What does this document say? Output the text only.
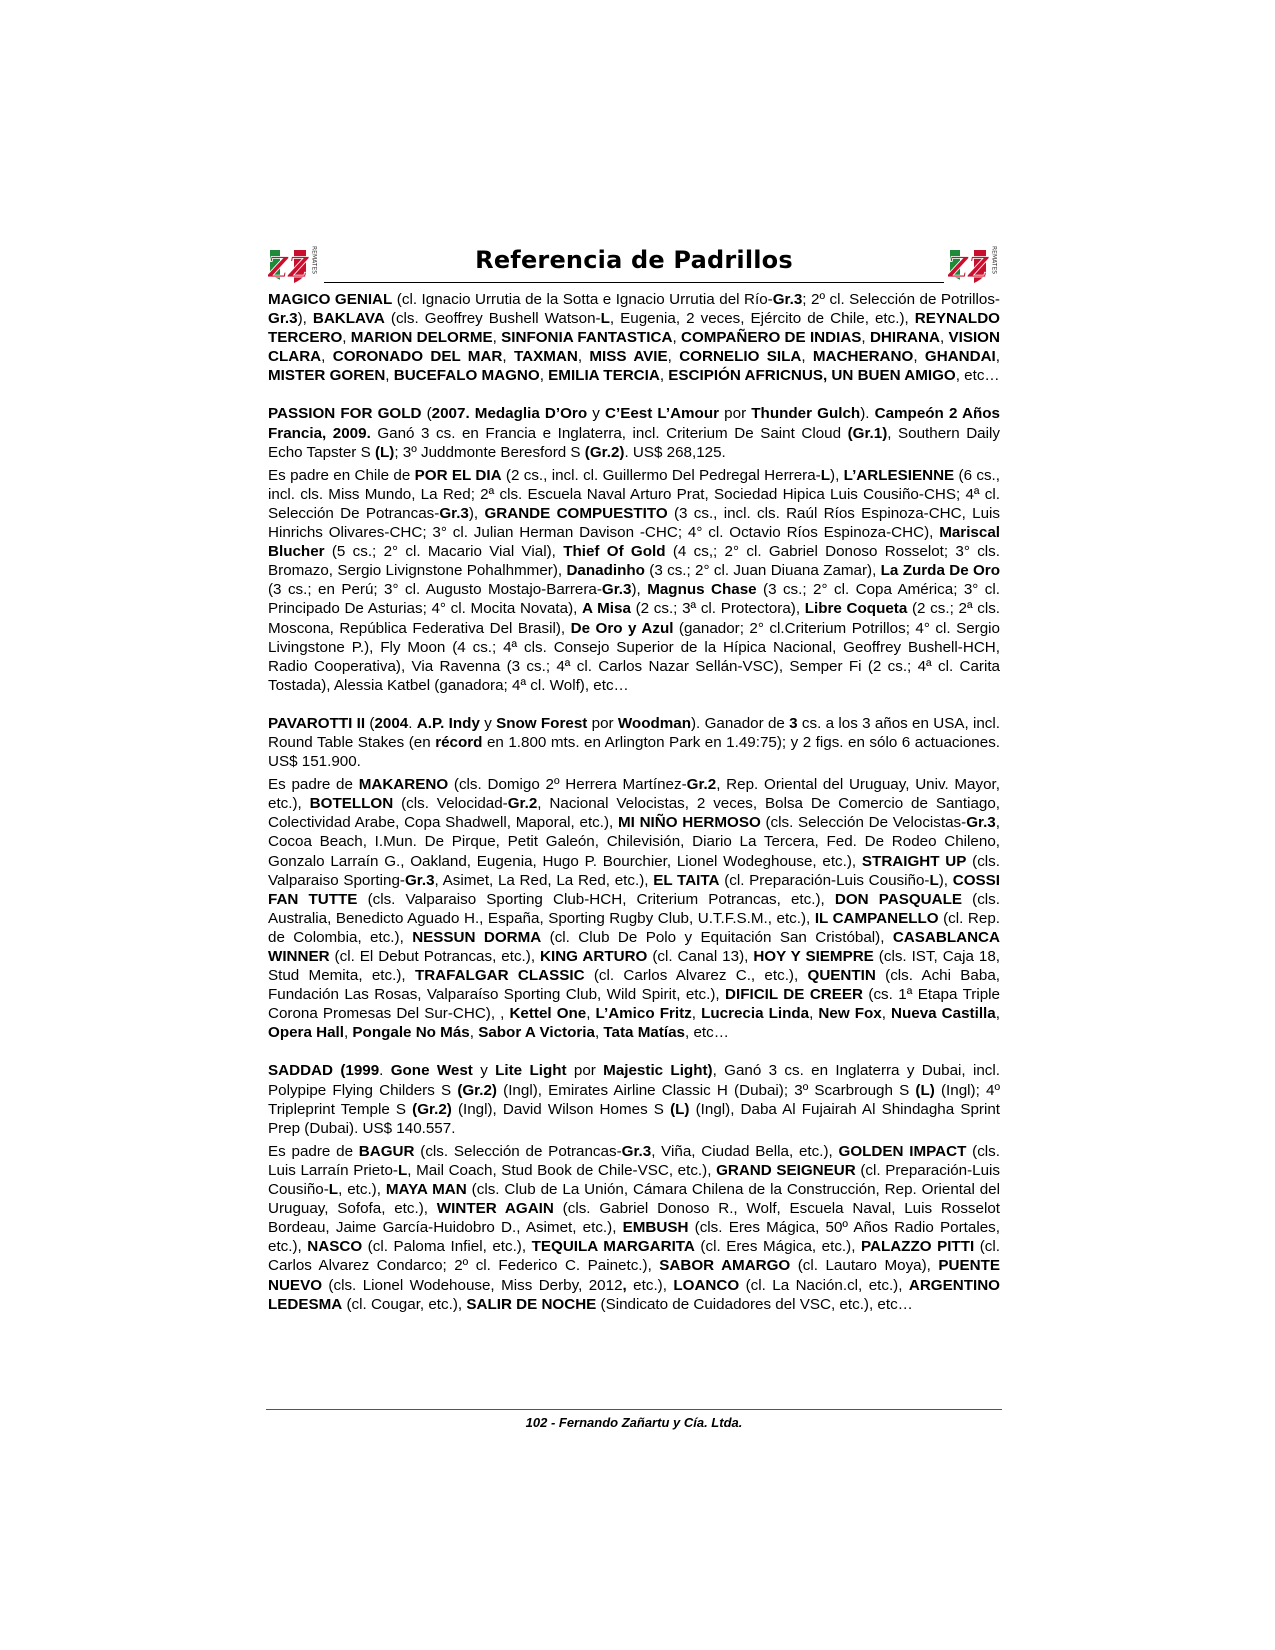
ZZ REMATES	Referencia de Padrillos	ZZ REMATES

MAGICO GENIAL (cl. Ignacio Urrutia de la Sotta e Ignacio Urrutia del Río-Gr.3; 2º cl. Selección de Potrillos-Gr.3), BAKLAVA (cls. Geoffrey Bushell Watson-L, Eugenia, 2 veces, Ejército de Chile, etc.), REYNALDO TERCERO, MARION DELORME, SINFONIA FANTASTICA, COMPAÑERO DE INDIAS, DHIRANA, VISION CLARA, CORONADO DEL MAR, TAXMAN, MISS AVIE, CORNELIO SILA, MACHERANO, GHANDAI, MISTER GOREN, BUCEFALO MAGNO, EMILIA TERCIA, ESCIPIÓN AFRICNUS, UN BUEN AMIGO, etc…

PASSION FOR GOLD (2007. Medaglia D’Oro y C’Eest L’Amour por Thunder Gulch). Campeón 2 Años Francia, 2009. Ganó 3 cs. en Francia e Inglaterra, incl. Criterium De Saint Cloud (Gr.1), Southern Daily Echo Tapster S (L); 3º Juddmonte Beresford S (Gr.2). US$ 268,125.

Es padre en Chile de POR EL DIA (2 cs., incl. cl. Guillermo Del Pedregal Herrera-L), L’ARLESIENNE (6 cs., incl. cls. Miss Mundo, La Red; 2ª cls. Escuela Naval Arturo Prat, Sociedad Hipica Luis Cousiño-CHS; 4ª cl. Selección De Potrancas-Gr.3), GRANDE COMPUESTITO (3 cs., incl. cls. Raúl Ríos Espinoza-CHC, Luis Hinrichs Olivares-CHC; 3° cl. Julian Herman Davison -CHC; 4° cl. Octavio Ríos Espinoza-CHC), Mariscal Blucher (5 cs.; 2° cl. Macario Vial Vial), Thief Of Gold (4 cs,; 2° cl. Gabriel Donoso Rosselot; 3° cls. Bromazo, Sergio Livignstone Pohalhmmer), Danadinho (3 cs.; 2° cl. Juan Diuana Zamar), La Zurda De Oro (3 cs.; en Perú; 3° cl. Augusto Mostajo-Barrera-Gr.3), Magnus Chase (3 cs.; 2° cl. Copa América; 3° cl. Principado De Asturias; 4° cl. Mocita Novata), A Misa (2 cs.; 3ª cl. Protectora), Libre Coqueta (2 cs.; 2ª cls. Moscona, República Federativa Del Brasil), De Oro y Azul (ganador; 2° cl.Criterium Potrillos; 4° cl. Sergio Livingstone P.), Fly Moon (4 cs.; 4ª cls. Consejo Superior de la Hípica Nacional, Geoffrey Bushell-HCH, Radio Cooperativa), Via Ravenna (3 cs.; 4ª cl. Carlos Nazar Sellán-VSC), Semper Fi (2 cs.; 4ª cl. Carita Tostada), Alessia Katbel (ganadora; 4ª cl. Wolf), etc…

PAVAROTTI II (2004. A.P. Indy y Snow Forest por Woodman). Ganador de 3 cs. a los 3 años en USA, incl. Round Table Stakes (en récord en 1.800 mts. en Arlington Park en 1.49:75); y 2 figs. en sólo 6 actuaciones. US$ 151.900.

Es padre de MAKARENO (cls. Domigo 2º Herrera Martínez-Gr.2, Rep. Oriental del Uruguay, Univ. Mayor, etc.), BOTELLON (cls. Velocidad-Gr.2, Nacional Velocistas, 2 veces, Bolsa De Comercio de Santiago, Colectividad Arabe, Copa Shadwell, Maporal, etc.), MI NIÑO HERMOSO (cls. Selección De Velocistas-Gr.3, Cocoa Beach, I.Mun. De Pirque, Petit Galeón, Chilevisión, Diario La Tercera, Fed. De Rodeo Chileno, Gonzalo Larraín G., Oakland, Eugenia, Hugo P. Bourchier, Lionel Wodeghouse, etc.), STRAIGHT UP (cls. Valparaiso Sporting-Gr.3, Asimet, La Red, La Red, etc.), EL TAITA (cl. Preparación-Luis Cousiño-L), COSSI FAN TUTTE (cls. Valparaiso Sporting Club-HCH, Criterium Potrancas, etc.), DON PASQUALE (cls. Australia, Benedicto Aguado H., España, Sporting Rugby Club, U.T.F.S.M., etc.), IL CAMPANELLO (cl. Rep. de Colombia, etc.), NESSUN DORMA (cl. Club De Polo y Equitación San Cristóbal), CASABLANCA WINNER (cl. El Debut Potrancas, etc.), KING ARTURO (cl. Canal 13), HOY Y SIEMPRE (cls. IST, Caja 18, Stud Memita, etc.), TRAFALGAR CLASSIC (cl. Carlos Alvarez C., etc.), QUENTIN (cls. Achi Baba, Fundación Las Rosas, Valparaíso Sporting Club, Wild Spirit, etc.), DIFICIL DE CREER (cs. 1ª Etapa Triple Corona Promesas Del Sur-CHC), , Kettel One, L’Amico Fritz, Lucrecia Linda, New Fox, Nueva Castilla, Opera Hall, Pongale No Más, Sabor A Victoria, Tata Matías, etc…

SADDAD (1999. Gone West y Lite Light por Majestic Light), Ganó 3 cs. en Inglaterra y Dubai, incl. Polypipe Flying Childers S (Gr.2) (Ingl), Emirates Airline Classic H (Dubai); 3º Scarbrough S (L) (Ingl); 4º Tripleprint Temple S (Gr.2) (Ingl), David Wilson Homes S (L) (Ingl), Daba Al Fujairah Al Shindagha Sprint Prep (Dubai). US$ 140.557.

Es padre de BAGUR (cls. Selección de Potrancas-Gr.3, Viña, Ciudad Bella, etc.), GOLDEN IMPACT (cls. Luis Larraín Prieto-L, Mail Coach, Stud Book de Chile-VSC, etc.), GRAND SEIGNEUR (cl. Preparación-Luis Cousiño-L, etc.), MAYA MAN (cls. Club de La Unión, Cámara Chilena de la Construcción, Rep. Oriental del Uruguay, Sofofa, etc.), WINTER AGAIN (cls. Gabriel Donoso R., Wolf, Escuela Naval, Luis Rosselot Bordeau, Jaime García-Huidobro D., Asimet, etc.), EMBUSH (cls. Eres Mágica, 50º Años Radio Portales, etc.), NASCO (cl. Paloma Infiel, etc.), TEQUILA MARGARITA (cl. Eres Mágica, etc.), PALAZZO PITTI (cl. Carlos Alvarez Condarco; 2º cl. Federico C. Painetc.), SABOR AMARGO (cl. Lautaro Moya), PUENTE NUEVO (cls. Lionel Wodehouse, Miss Derby, 2012, etc.), LOANCO (cl. La Nación.cl, etc.), ARGENTINO LEDESMA (cl. Cougar, etc.), SALIR DE NOCHE (Sindicato de Cuidadores del VSC, etc.), etc…

102 - Fernando Zañartu y Cía. Ltda.
